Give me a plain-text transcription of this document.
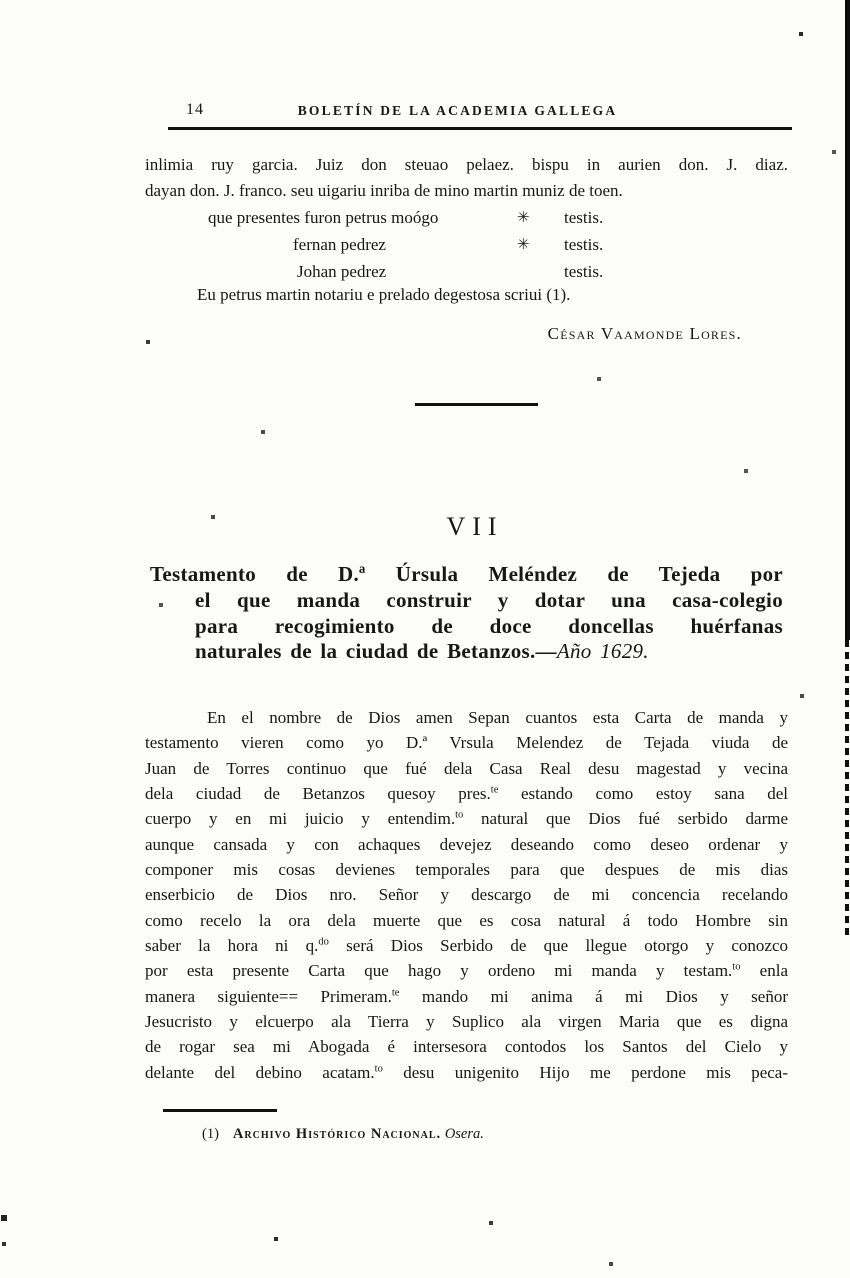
14	BOLETÍN DE LA ACADEMIA GALLEGA
inlimia ruy garcia. Juiz don steuao pelaez. bispu in aurien don. J. diaz.
dayan don. J. franco. seu uigariu inriba de mino martin muniz de toen.
que presentes furon petrus moógo	✳ testis.
fernan pedrez	✳ testis.
Johan pedrez	testis.
Eu petrus martin notariu e prelado degestosa scriui (1).
César Vaamonde Lores.
VII
Testamento de D.ª Úrsula Meléndez de Tejeda por
el que manda construir y dotar una casa-colegio
para recogimiento de doce doncellas huérfanas
naturales de la ciudad de Betanzos.—Año 1629.
En el nombre de Dios amen Sepan cuantos esta Carta de manda y
testamento vieren como yo D.ª Vrsula Melendez de Tejada viuda de
Juan de Torres continuo que fué dela Casa Real desu magestad y vecina
dela ciudad de Betanzos quesoy pres.$^{te}$ estando como estoy sana del
cuerpo y en mi juicio y entendim.$^{to}$ natural que Dios fué serbido darme
aunque cansada y con achaques devejez deseando como deseo ordenar y
componer mis cosas devienes temporales para que despues de mis dias
enserbicio de Dios nro. Señor y descargo de mi concencia recelando
como recelo la ora dela muerte que es cosa natural á todo Hombre sin
saber la hora ni q.$^{do}$ será Dios Serbido de que llegue otorgo y conozco
por esta presente Carta que hago y ordeno mi manda y testam.$^{to}$ enla
manera siguiente== Primeram.$^{te}$ mando mi anima á mi Dios y señor
Jesucristo y elcuerpo ala Tierra y Suplico ala virgen Maria que es digna
de rogar sea mi Abogada é intersesora contodos los Santos del Cielo y
delante del debino acatam.$^{to}$ desu unigenito Hijo me perdone mis peca-
(1) Archivo Histórico Nacional. Osera.
